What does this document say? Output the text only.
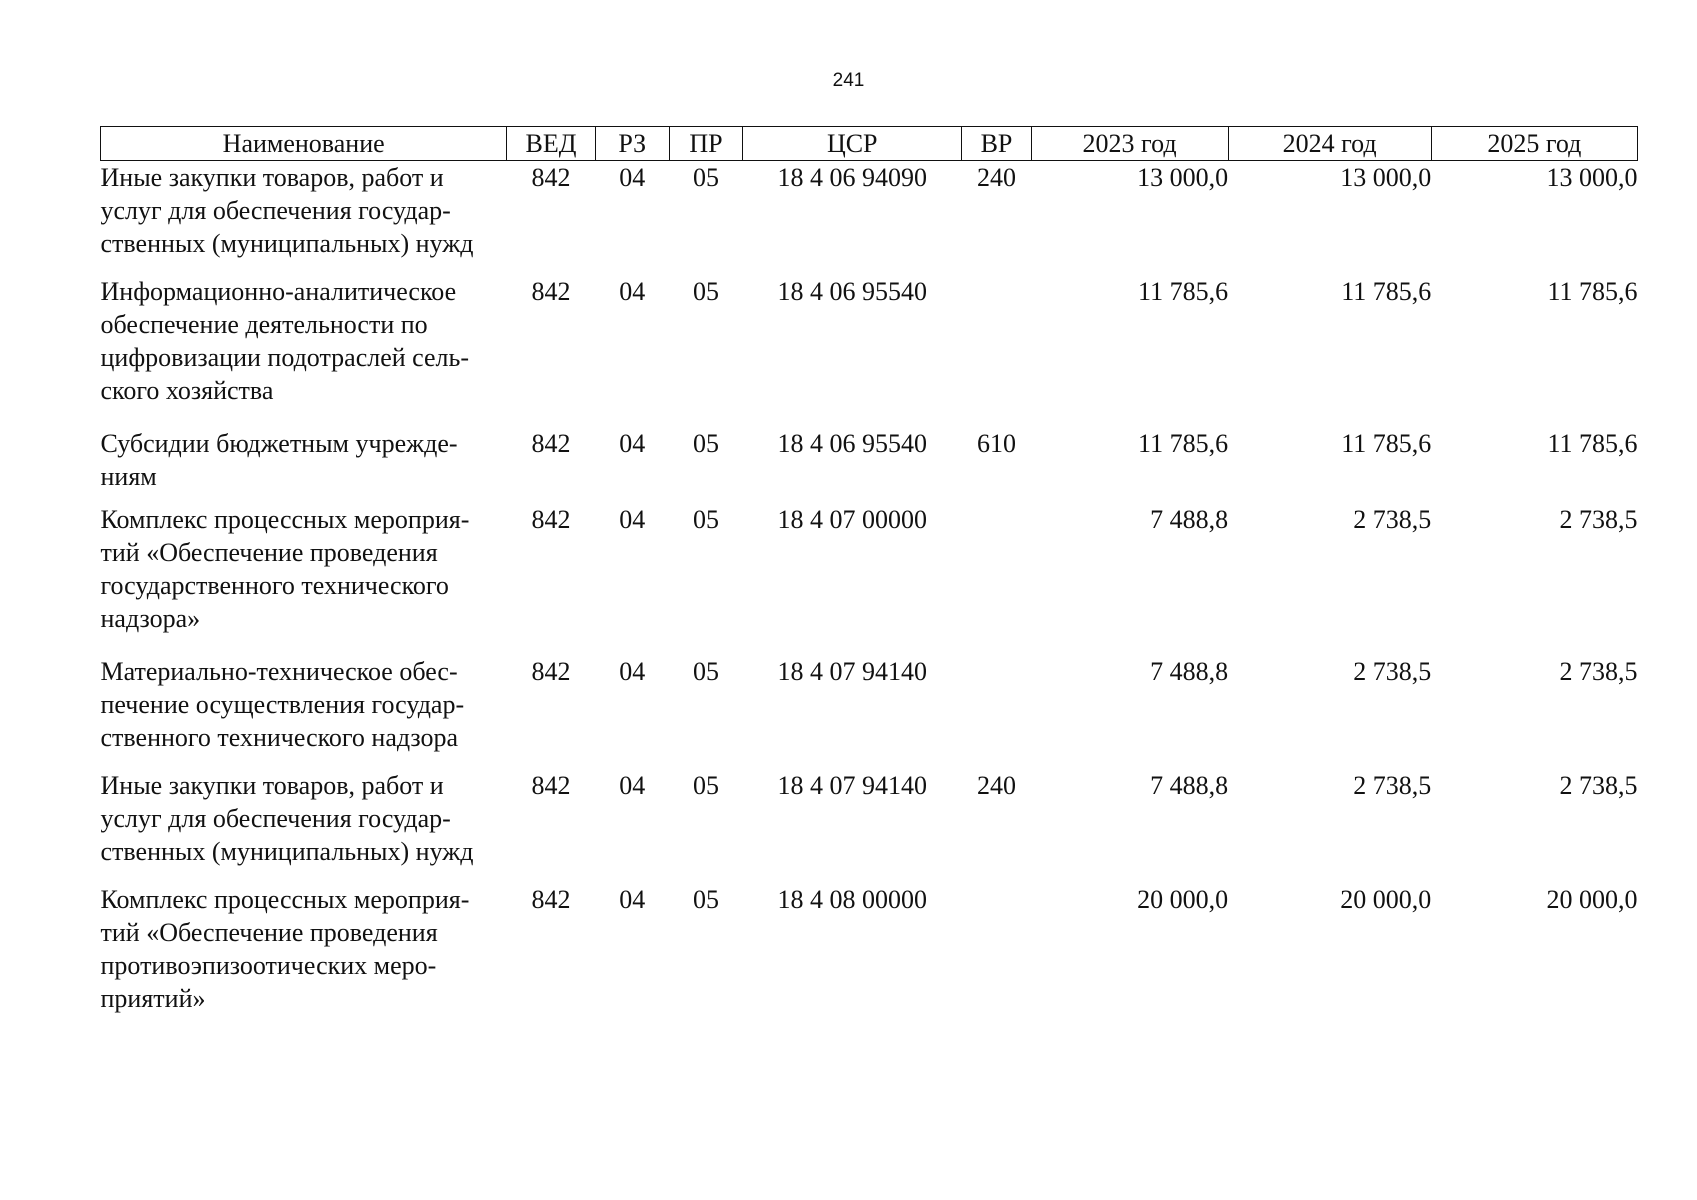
241
Наименование	ВЕД	РЗ	ПР	ЦСР	ВР	2023 год	2024 год	2025 год
Иные закупки товаров, работ и
услуг для обеспечения государ-
ственных (муниципальных) нужд	842	04	05	18 4 06 94090	240	13 000,0	13 000,0	13 000,0
Информационно-аналитическое
обеспечение деятельности по
цифровизации подотраслей сель-
ского хозяйства	842	04	05	18 4 06 95540		11 785,6	11 785,6	11 785,6
Субсидии бюджетным учрежде-
ниям	842	04	05	18 4 06 95540	610	11 785,6	11 785,6	11 785,6
Комплекс процессных мероприя-
тий «Обеспечение проведения
государственного технического
надзора»	842	04	05	18 4 07 00000		7 488,8	2 738,5	2 738,5
Материально-техническое обес-
печение осуществления государ-
ственного технического надзора	842	04	05	18 4 07 94140		7 488,8	2 738,5	2 738,5
Иные закупки товаров, работ и
услуг для обеспечения государ-
ственных (муниципальных) нужд	842	04	05	18 4 07 94140	240	7 488,8	2 738,5	2 738,5
Комплекс процессных мероприя-
тий «Обеспечение проведения
противоэпизоотических меро-
приятий»	842	04	05	18 4 08 00000		20 000,0	20 000,0	20 000,0
